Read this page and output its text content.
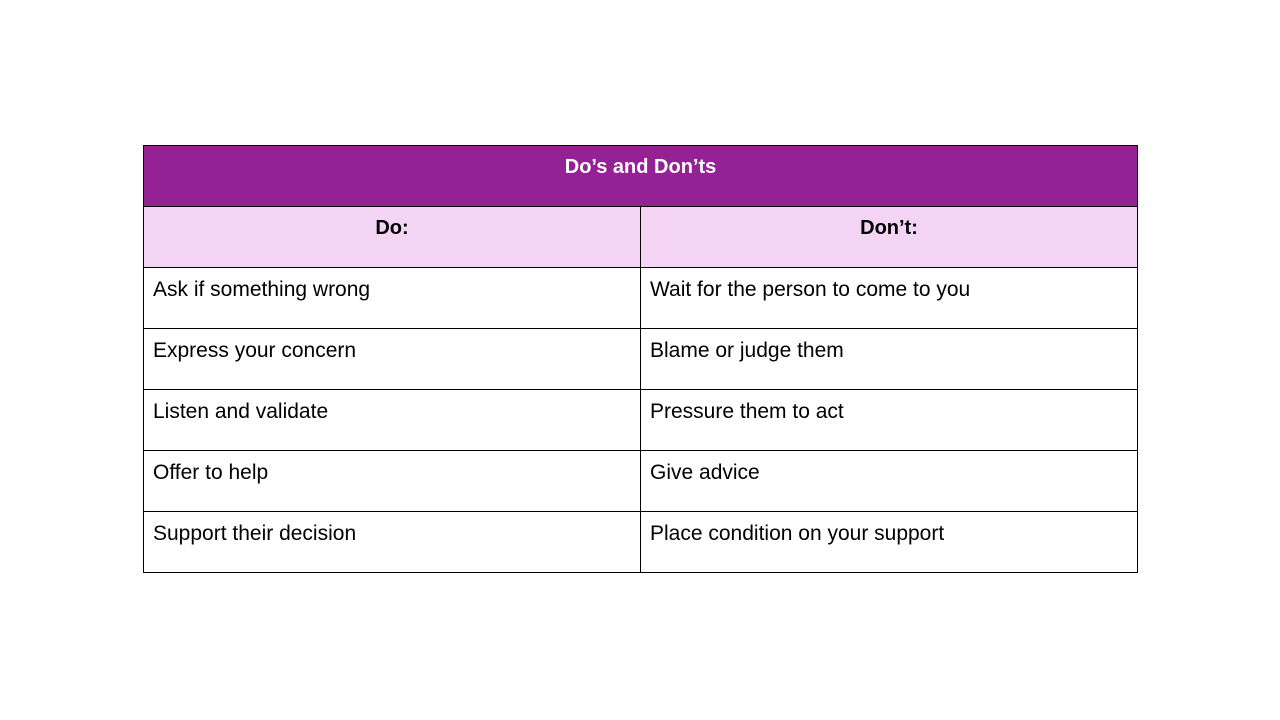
Do’s and Don’ts	
Do:	Don’t:
Ask if something wrong	Wait for the person to come to you
Express your concern	Blame or judge them
Listen and validate	Pressure them to act
Offer to help	Give advice
Support their decision	Place condition on your support
